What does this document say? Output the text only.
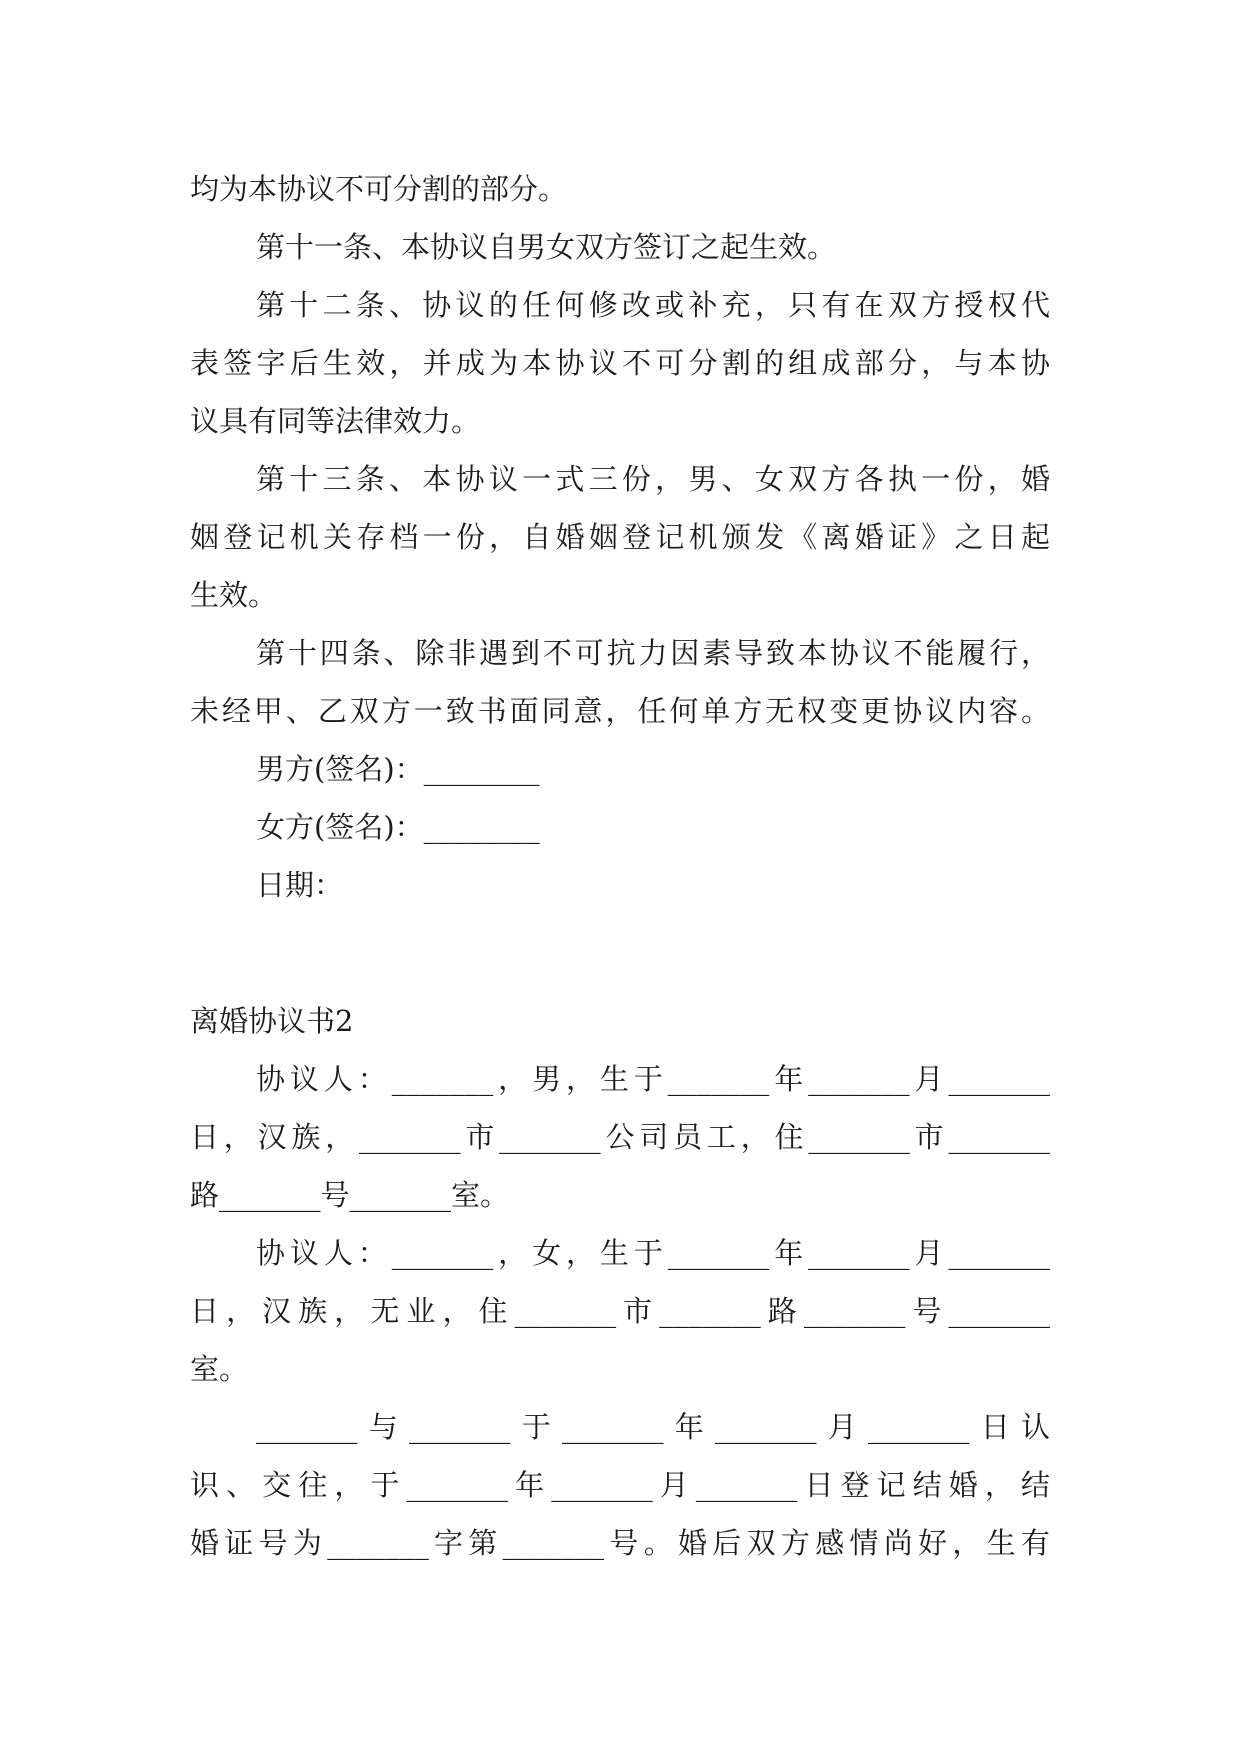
均为本协议不可分割的部分。
第十一条、本协议自男女双方签订之起生效。
第十二条、协议的任何修改或补充，只有在双方授权代
表签字后生效，并成为本协议不可分割的组成部分，与本协
议具有同等法律效力。
第十三条、本协议一式三份，男、女双方各执一份，婚
姻登记机关存档一份，自婚姻登记机颁发《离婚证》之日起
生效。
第十四条、除非遇到不可抗力因素导致本协议不能履行，
未经甲、乙双方一致书面同意，任何单方无权变更协议内容。
男方(签名)：________
女方(签名)：________
日期：
离婚协议书2
协议人：_______，男，生于_______年_______月_______
日，汉族，_______市_______公司员工，住_______市_______
路_______号_______室。
协议人：_______，女，生于_______年_______月_______
日，汉族，无业，住_______市_______路_______号_______
室。
_______与_______于_______年_______月_______日认
识、交往，于_______年_______月_______日登记结婚，结
婚证号为_______字第_______号。婚后双方感情尚好，生有
